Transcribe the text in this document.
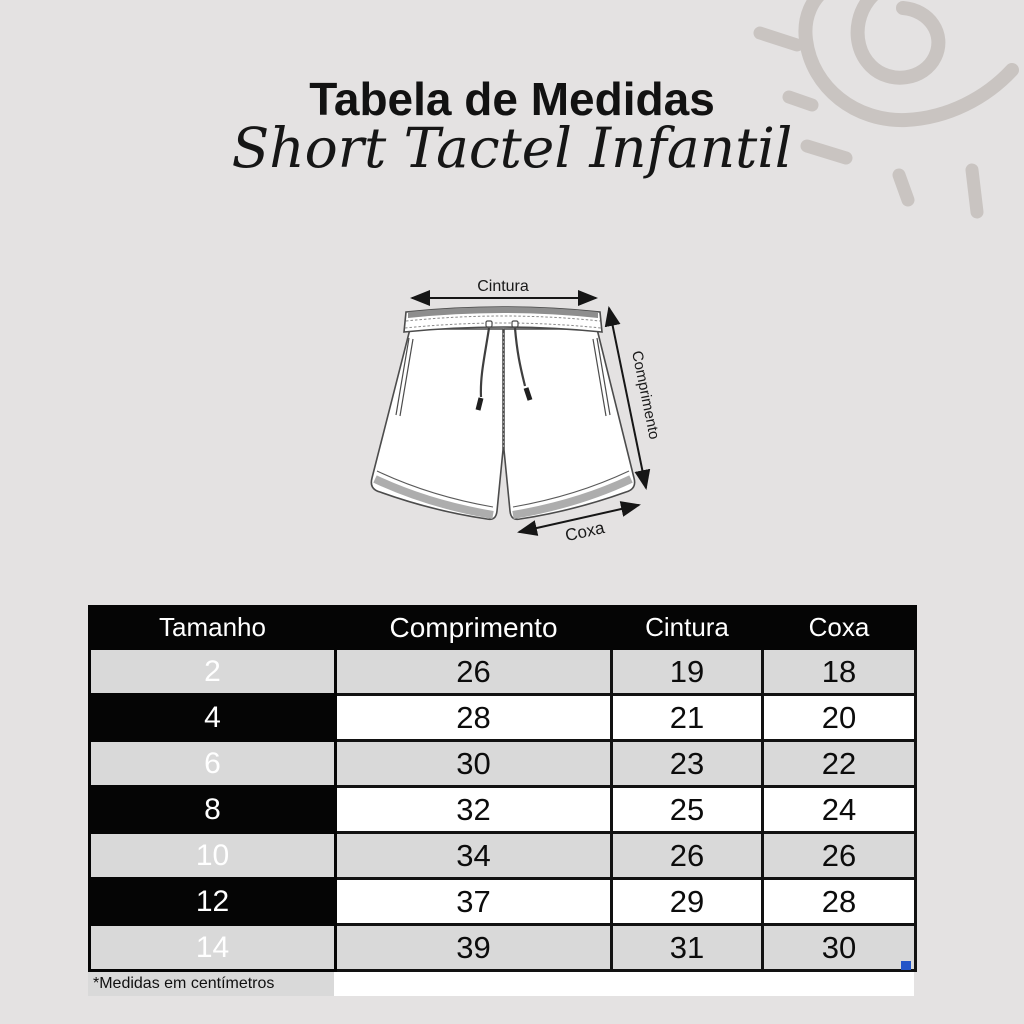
Tabela de Medidas
Short Tactel Infantil
Cintura
Comprimento
Coxa
Tamanho	Comprimento	Cintura	Coxa
2	26	19	18
4	28	21	20
6	30	23	22
8	32	25	24
10	34	26	26
12	37	29	28
14	39	31	30
*Medidas em centímetros
